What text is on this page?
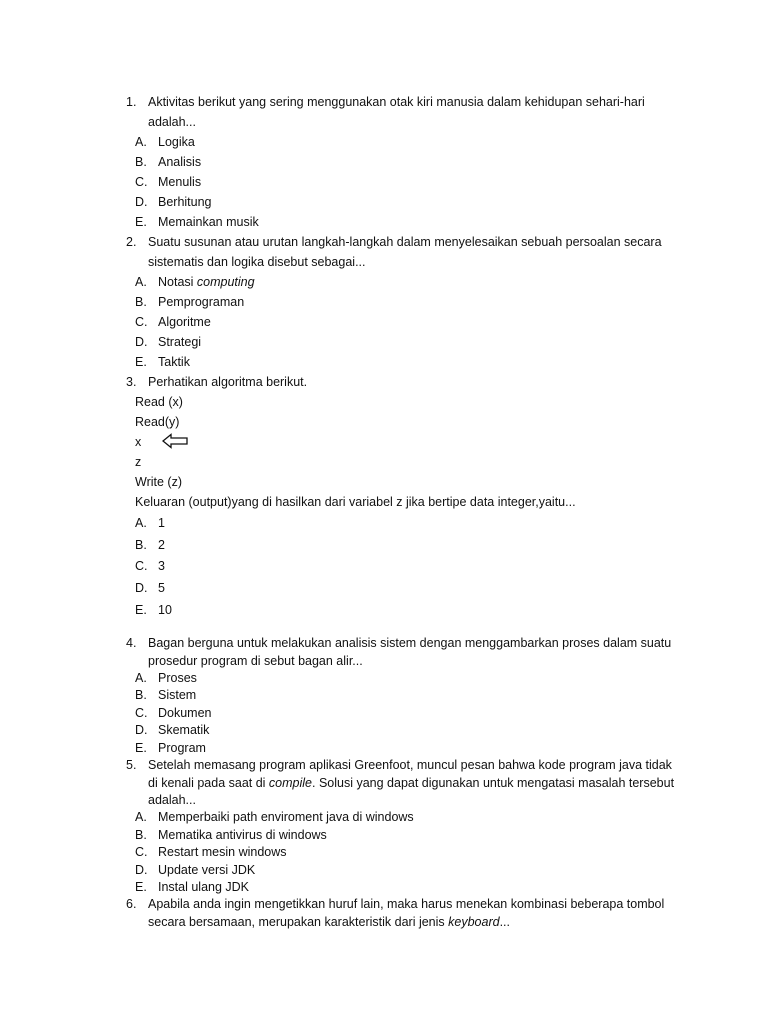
1. Aktivitas berikut yang sering menggunakan otak kiri manusia dalam kehidupan sehari-hari
adalah...
A. Logika
B. Analisis
C. Menulis
D. Berhitung
E. Memainkan musik
2. Suatu susunan atau urutan langkah-langkah dalam menyelesaikan sebuah persoalan secara
sistematis dan logika disebut sebagai...
A. Notasi computing
B. Pemprograman
C. Algoritme
D. Strategi
E. Taktik
3. Perhatikan algoritma berikut.
Read (x)
Read(y)
x
z
Write (z)
Keluaran (output)yang di hasilkan dari variabel z jika bertipe data integer,yaitu...
A. 1
B. 2
C. 3
D. 5
E. 10
4. Bagan berguna untuk melakukan analisis sistem dengan menggambarkan proses dalam suatu
prosedur program di sebut bagan alir...
A. Proses
B. Sistem
C. Dokumen
D. Skematik
E. Program
5. Setelah memasang program aplikasi Greenfoot, muncul pesan bahwa kode program java tidak
di kenali pada saat di compile. Solusi yang dapat digunakan untuk mengatasi masalah tersebut
adalah...
A. Memperbaiki path enviroment java di windows
B. Mematika antivirus di windows
C. Restart mesin windows
D. Update versi JDK
E. Instal ulang JDK
6. Apabila anda ingin mengetikkan huruf lain, maka harus menekan kombinasi beberapa tombol
secara bersamaan, merupakan karakteristik dari jenis keyboard...
